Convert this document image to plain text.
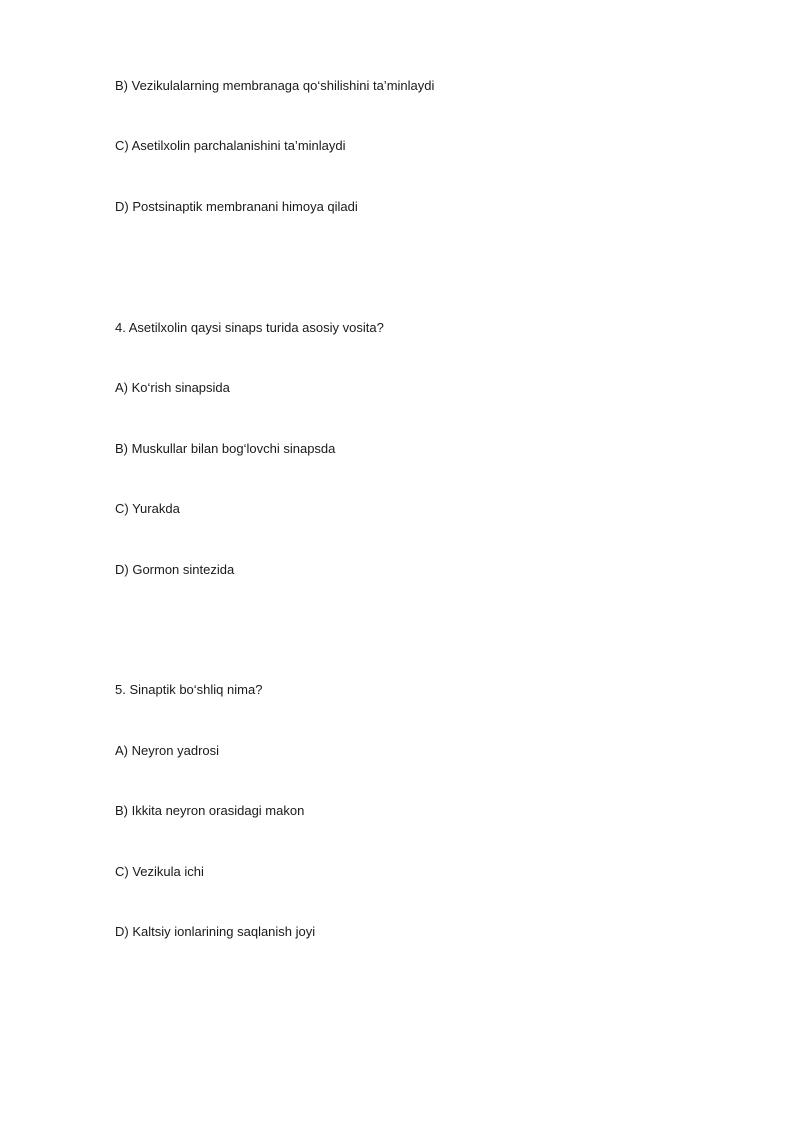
B) Vezikulalarning membranaga qo‘shilishini ta’minlaydi
C) Asetilxolin parchalanishini ta’minlaydi
D) Postsinaptik membranani himoya qiladi
4. Asetilxolin qaysi sinaps turida asosiy vosita?
A) Ko‘rish sinapsida
B) Muskullar bilan bog‘lovchi sinapsda
C) Yurakda
D) Gormon sintezida
5. Sinaptik bo‘shliq nima?
A) Neyron yadrosi
B) Ikkita neyron orasidagi makon
C) Vezikula ichi
D) Kaltsiy ionlarining saqlanish joyi
